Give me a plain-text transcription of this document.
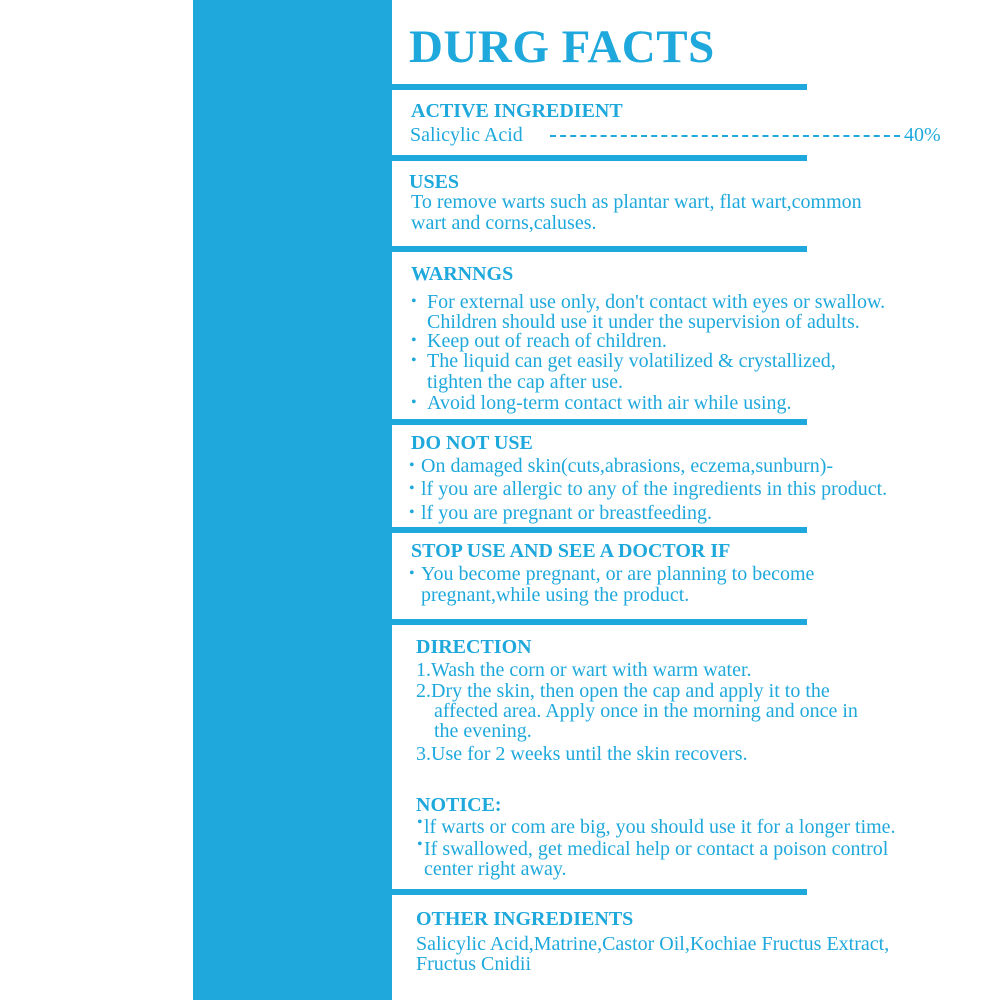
DURG FACTS
ACTIVE INGREDIENT
Salicylic Acid	40%
USES
To remove warts such as plantar wart, flat wart,common
wart and corns,caluses.
WARNNGS
• For external use only, don't contact with eyes or swallow.
Children should use it under the supervision of adults.
• Keep out of reach of children.
• The liquid can get easily volatilized & crystallized,
tighten the cap after use.
• Avoid long-term contact with air while using.
DO NOT USE
• On damaged skin(cuts,abrasions, eczema,sunburn)-
• lf you are allergic to any of the ingredients in this product.
• lf you are pregnant or breastfeeding.
STOP USE AND SEE A DOCTOR IF
• You become pregnant, or are planning to become
pregnant,while using the product.
DIRECTION
1.Wash the corn or wart with warm water.
2.Dry the skin, then open the cap and apply it to the
affected area. Apply once in the morning and once in
the evening.
3.Use for 2 weeks until the skin recovers.
NOTICE:
• lf warts or com are big, you should use it for a longer time.
• If swallowed, get medical help or contact a poison control
center right away.
OTHER INGREDIENTS
Salicylic Acid,Matrine,Castor Oil,Kochiae Fructus Extract,
Fructus Cnidii
